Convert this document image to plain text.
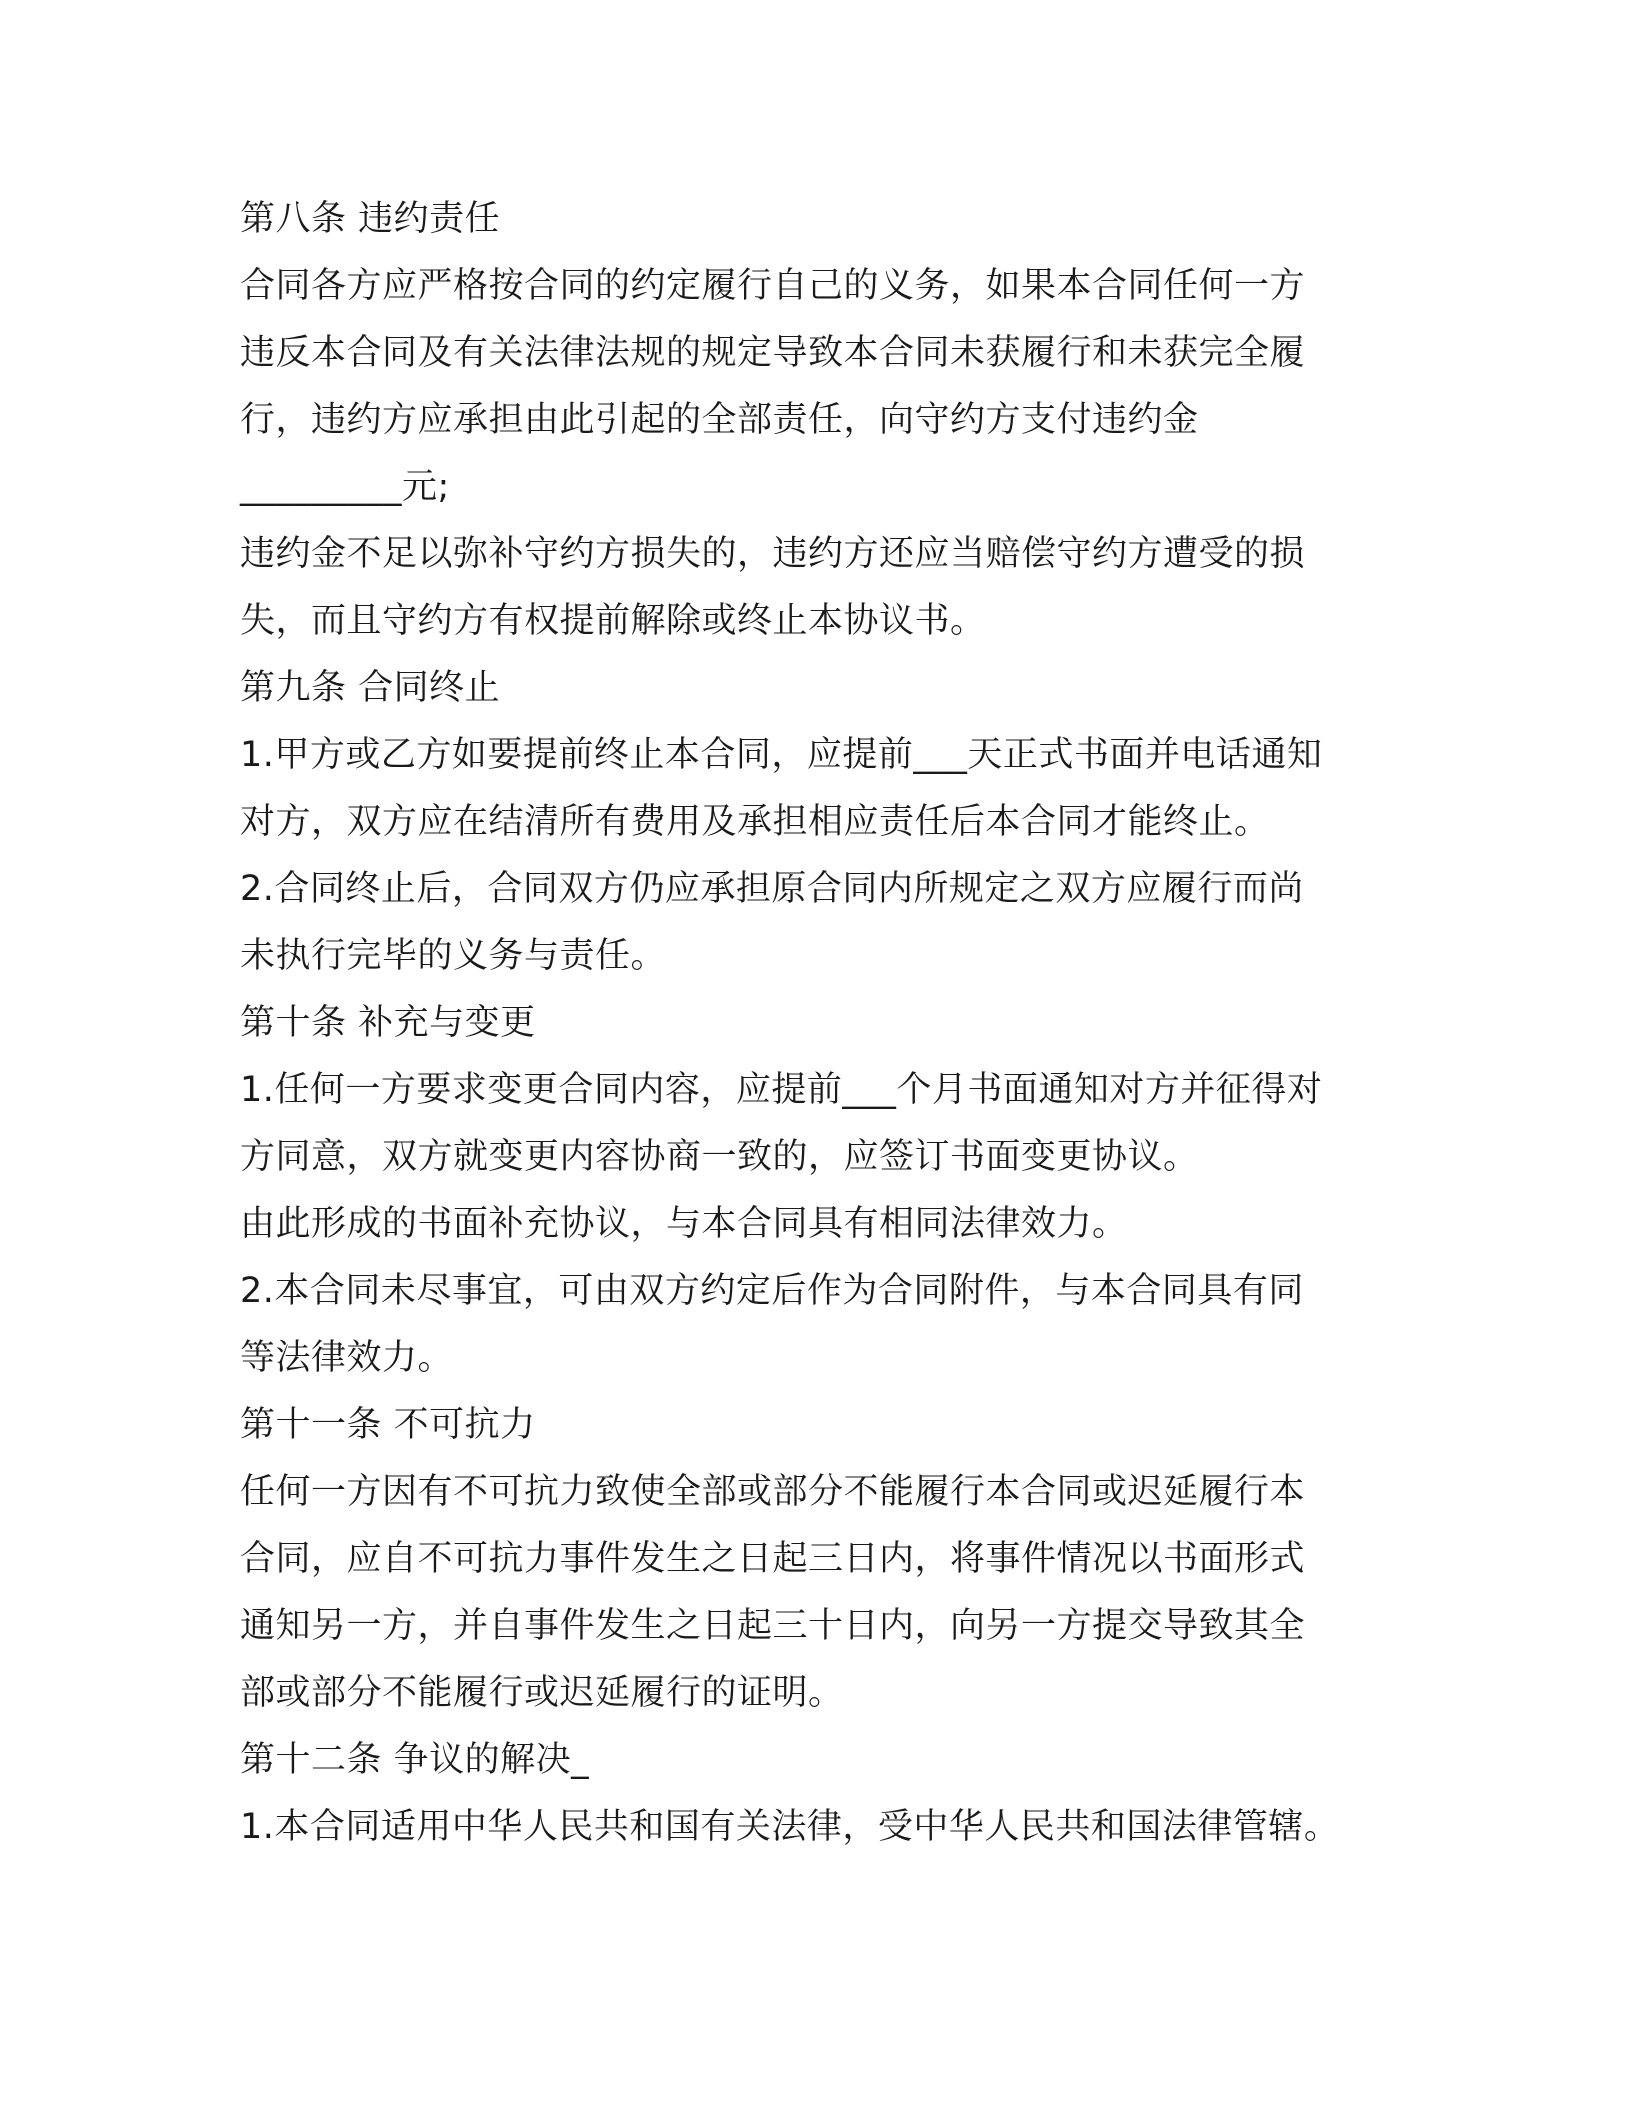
第八条 违约责任
合同各方应严格按合同的约定履行自己的义务，如果本合同任何一方
违反本合同及有关法律法规的规定导致本合同未获履行和未获完全履
行，违约方应承担由此引起的全部责任，向守约方支付违约金
_________元;
违约金不足以弥补守约方损失的，违约方还应当赔偿守约方遭受的损
失，而且守约方有权提前解除或终止本协议书。
第九条 合同终止
1.甲方或乙方如要提前终止本合同，应提前___天正式书面并电话通知
对方，双方应在结清所有费用及承担相应责任后本合同才能终止。
2.合同终止后，合同双方仍应承担原合同内所规定之双方应履行而尚
未执行完毕的义务与责任。
第十条 补充与变更
1.任何一方要求变更合同内容，应提前___个月书面通知对方并征得对
方同意，双方就变更内容协商一致的，应签订书面变更协议。
由此形成的书面补充协议，与本合同具有相同法律效力。
2.本合同未尽事宜，可由双方约定后作为合同附件，与本合同具有同
等法律效力。
第十一条 不可抗力
任何一方因有不可抗力致使全部或部分不能履行本合同或迟延履行本
合同，应自不可抗力事件发生之日起三日内，将事件情况以书面形式
通知另一方，并自事件发生之日起三十日内，向另一方提交导致其全
部或部分不能履行或迟延履行的证明。
第十二条 争议的解决_
1.本合同适用中华人民共和国有关法律，受中华人民共和国法律管辖。
